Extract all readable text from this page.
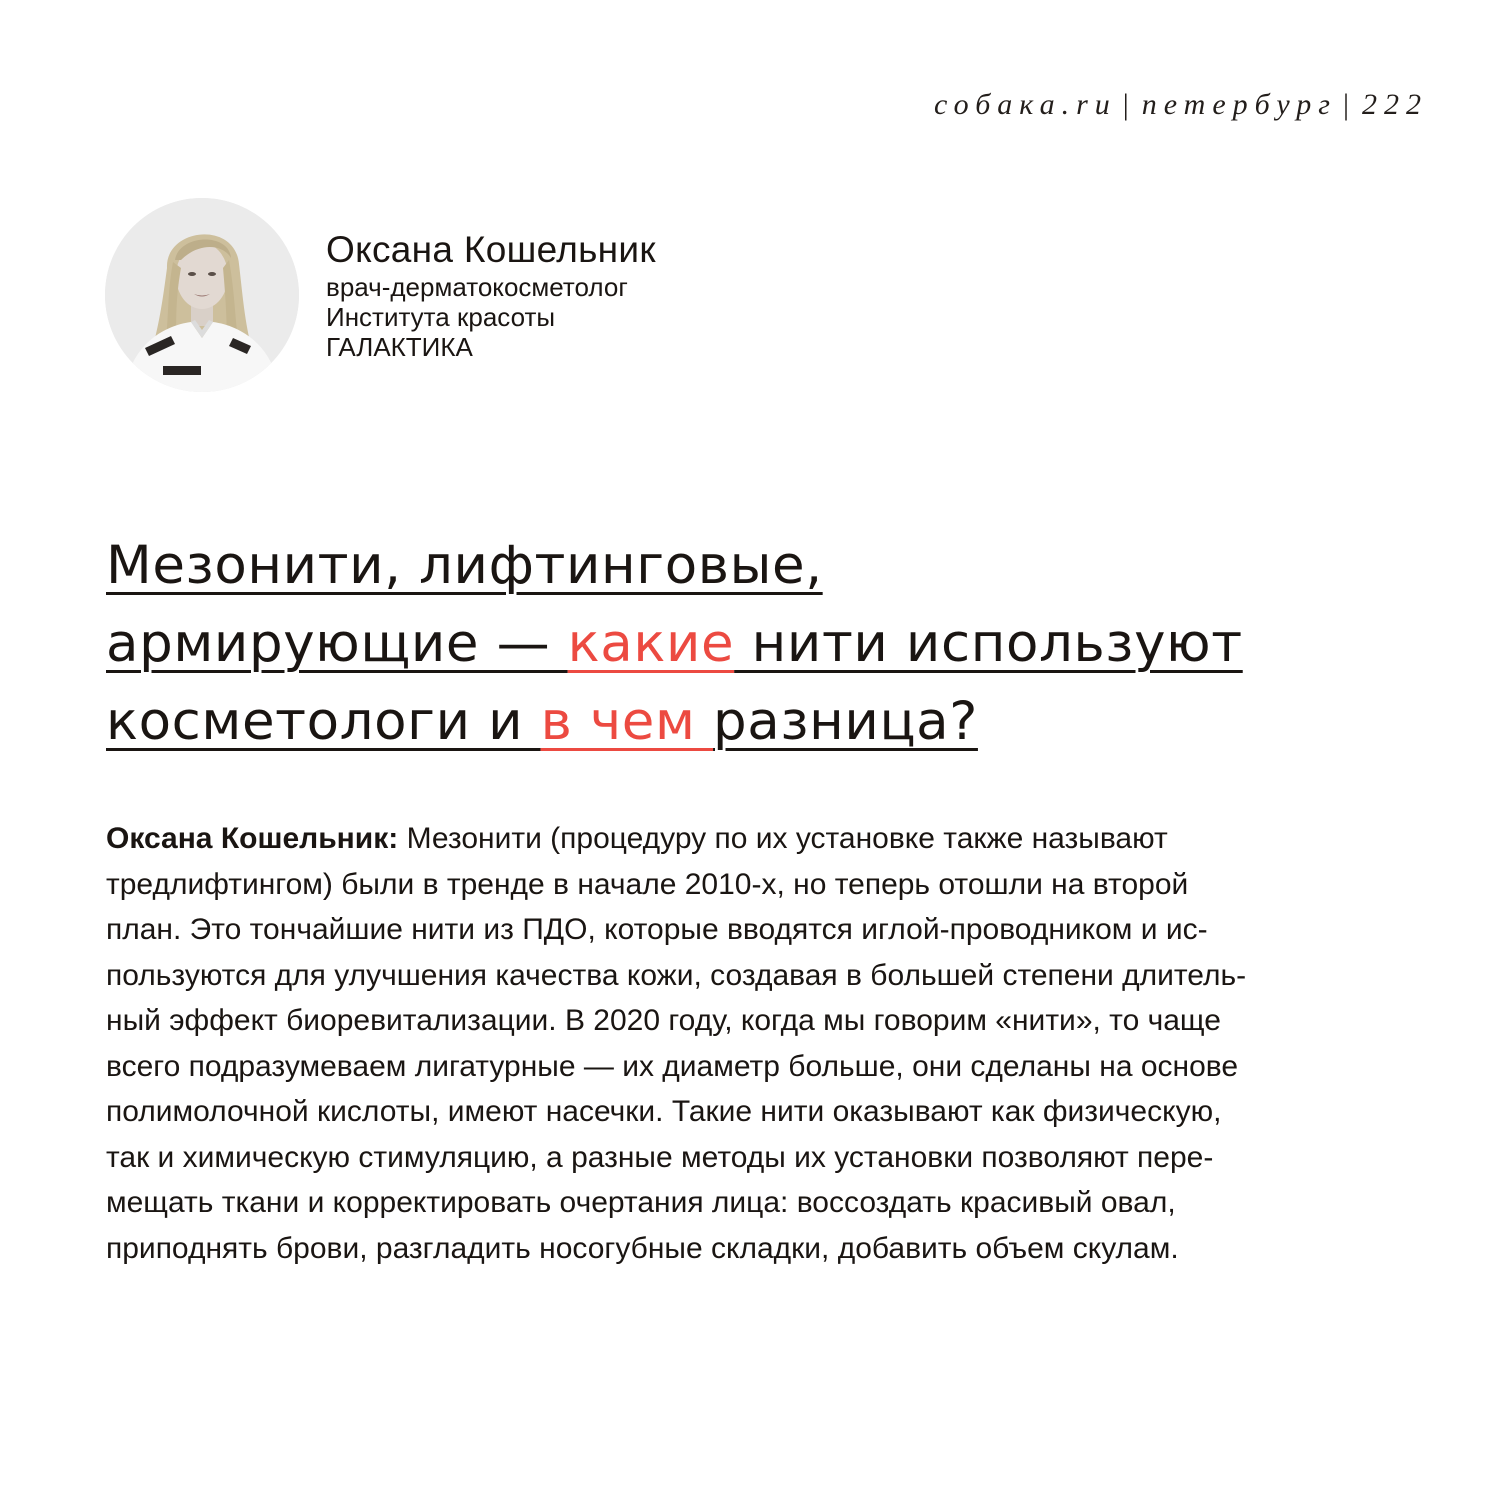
собака.ru | петербург | 222
Оксана Кошельник
врач-дерматокосметолог
Института красоты
ГАЛАКТИКА
Мезонити, лифтинговые,
армирующие — какие нити используют
косметологи и в чем разница?
Оксана Кошельник: Мезонити (процедуру по их установке также называют
тредлифтингом) были в тренде в начале 2010-х, но теперь отошли на второй
план. Это тончайшие нити из ПДО, которые вводятся иглой-проводником и ис-
пользуются для улучшения качества кожи, создавая в большей степени длитель-
ный эффект биоревитализации. В 2020 году, когда мы говорим «нити», то чаще
всего подразумеваем лигатурные — их диаметр больше, они сделаны на основе
полимолочной кислоты, имеют насечки. Такие нити оказывают как физическую,
так и химическую стимуляцию, а разные методы их установки позволяют пере-
мещать ткани и корректировать очертания лица: воссоздать красивый овал,
приподнять брови, разгладить носогубные складки, добавить объем скулам.
